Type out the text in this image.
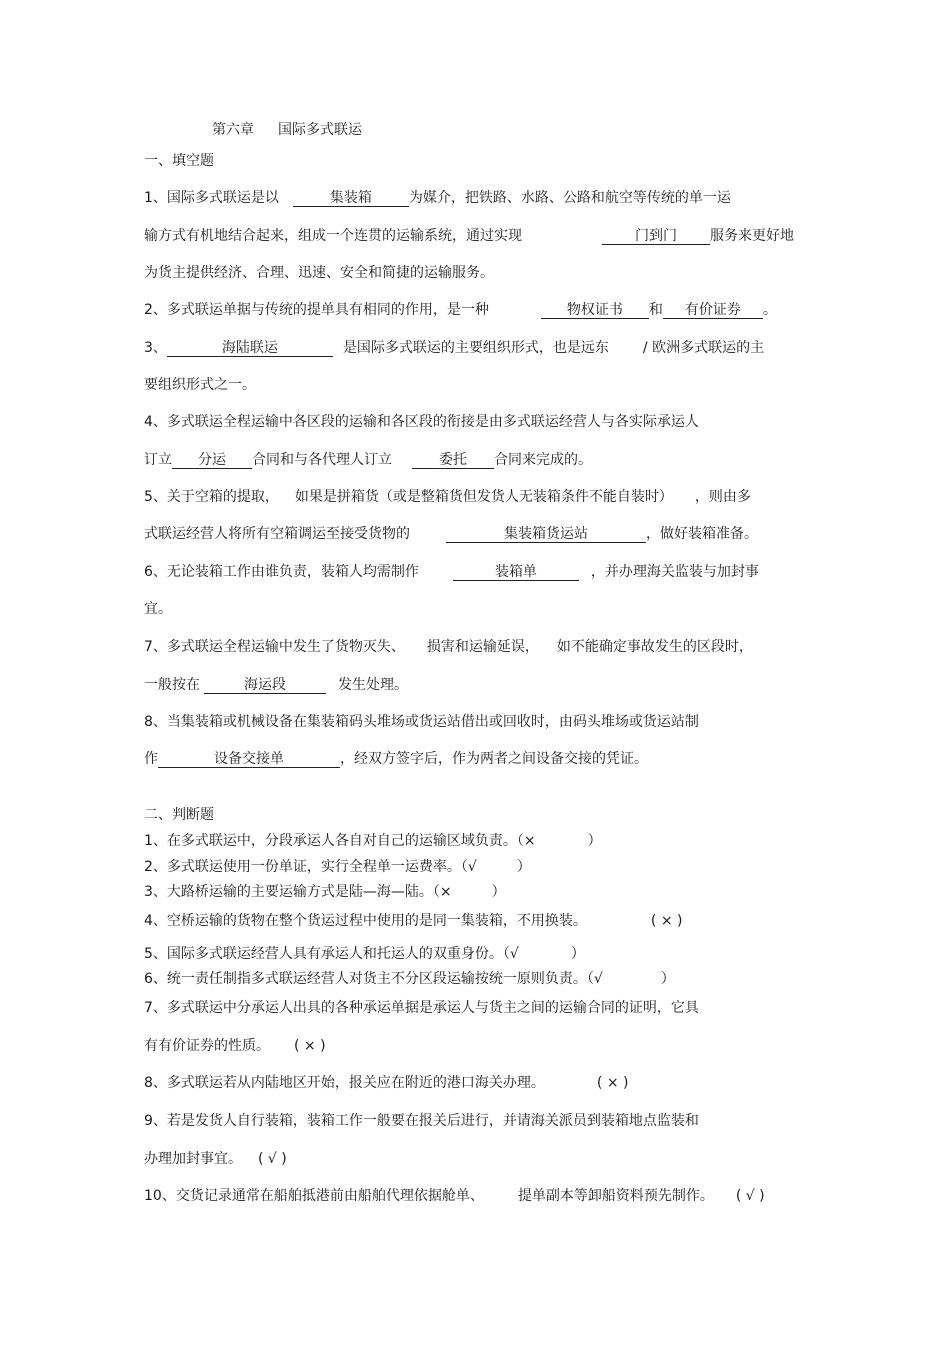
第六章 国际多式联运
一、填空题
1、国际多式联运是以	集装箱	为媒介，把铁路、水路、公路和航空等传统的单一运
输方式有机地结合起来，组成一个连贯的运输系统，通过实现	门到门 服务来更好地
为货主提供经济、合理、迅速、安全和简捷的运输服务。
2、多式联运单据与传统的提单具有相同的作用，是一种	物权证书 和 有价证券 。
3、	海陆联运	是国际多式联运的主要组织形式，也是远东 / 欧洲多式联运的主
要组织形式之一。
4、多式联运全程运输中各区段的运输和各区段的衔接是由多式联运经营人与各实际承运人
订立 分运 合同和与各代理人订立	委托 合同来完成的。
5、关于空箱的提取， 如果是拼箱货（或是整箱货但发货人无装箱条件不能自装时） ，则由多
式联运经营人将所有空箱调运至接受货物的	集装箱货运站	，做好装箱准备。
6、无论装箱工作由谁负责，装箱人均需制作	装箱单	，并办理海关监装与加封事
宜。
7、多式联运全程运输中发生了货物灭失、 损害和运输延误， 如不能确定事故发生的区段时，
一般按在	海运段	发生处理。
8、当集装箱或机械设备在集装箱码头堆场或货运站借出或回收时，由码头堆场或货运站制
作	设备交接单	，经双方签字后，作为两者之间设备交接的凭证。
二、判断题
1、在多式联运中，分段承运人各自对自己的运输区域负责。（×	）
2、多式联运使用一份单证，实行全程单一运费率。（√	）
3、大路桥运输的主要运输方式是陆—海—陆。（×	）
4、空桥运输的货物在整个货运过程中使用的是同一集装箱，不用换装。	( × )
5、国际多式联运经营人具有承运人和托运人的双重身份。（√	）
6、统一责任制指多式联运经营人对货主不分区段运输按统一原则负责。（√	）
7、多式联运中分承运人出具的各种承运单据是承运人与货主之间的运输合同的证明，它具
有有价证券的性质。 ( × )
8、多式联运若从内陆地区开始，报关应在附近的港口海关办理。	( × )
9、若是发货人自行装箱，装箱工作一般要在报关后进行，并请海关派员到装箱地点监装和
办理加封事宜。 ( √ )
10、交货记录通常在船舶抵港前由船舶代理依据舱单、 提单副本等卸船资料预先制作。 ( √ )
